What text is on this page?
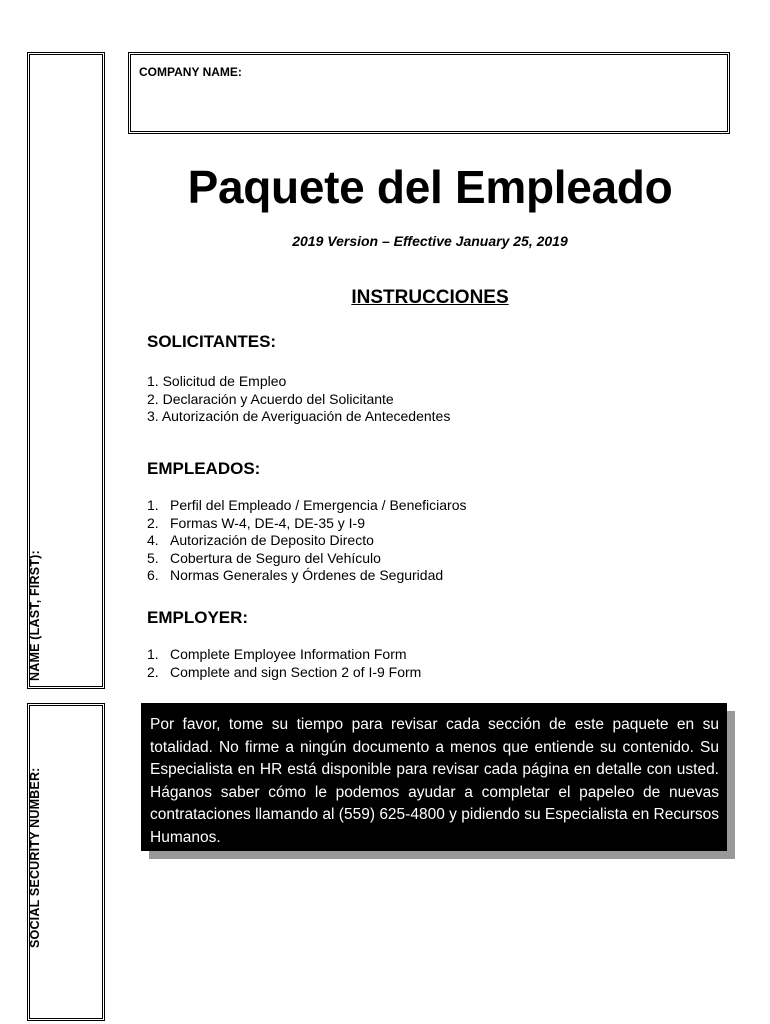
NAME (LAST, FIRST):
SOCIAL SECURITY NUMBER:
COMPANY NAME:
Paquete del Empleado
2019 Version – Effective January 25, 2019
INSTRUCCIONES
SOLICITANTES:
1. Solicitud de Empleo
2. Declaración y Acuerdo del Solicitante
3. Autorización de Averiguación de Antecedentes
EMPLEADOS:
1. Perfil del Empleado / Emergencia / Beneficiaros
2. Formas W-4, DE-4, DE-35 y I-9
4. Autorización de Deposito Directo
5. Cobertura de Seguro del Vehículo
6. Normas Generales y Órdenes de Seguridad
EMPLOYER:
1. Complete Employee Information Form
2. Complete and sign Section 2 of I-9 Form
Por favor, tome su tiempo para revisar cada sección de este paquete en su totalidad. No firme a ningún documento a menos que entiende su contenido. Su Especialista en HR está disponible para revisar cada página en detalle con usted. Háganos saber cómo le podemos ayudar a completar el papeleo de nuevas contrataciones llamando al (559) 625-4800 y pidiendo su Especialista en Recursos Humanos.
